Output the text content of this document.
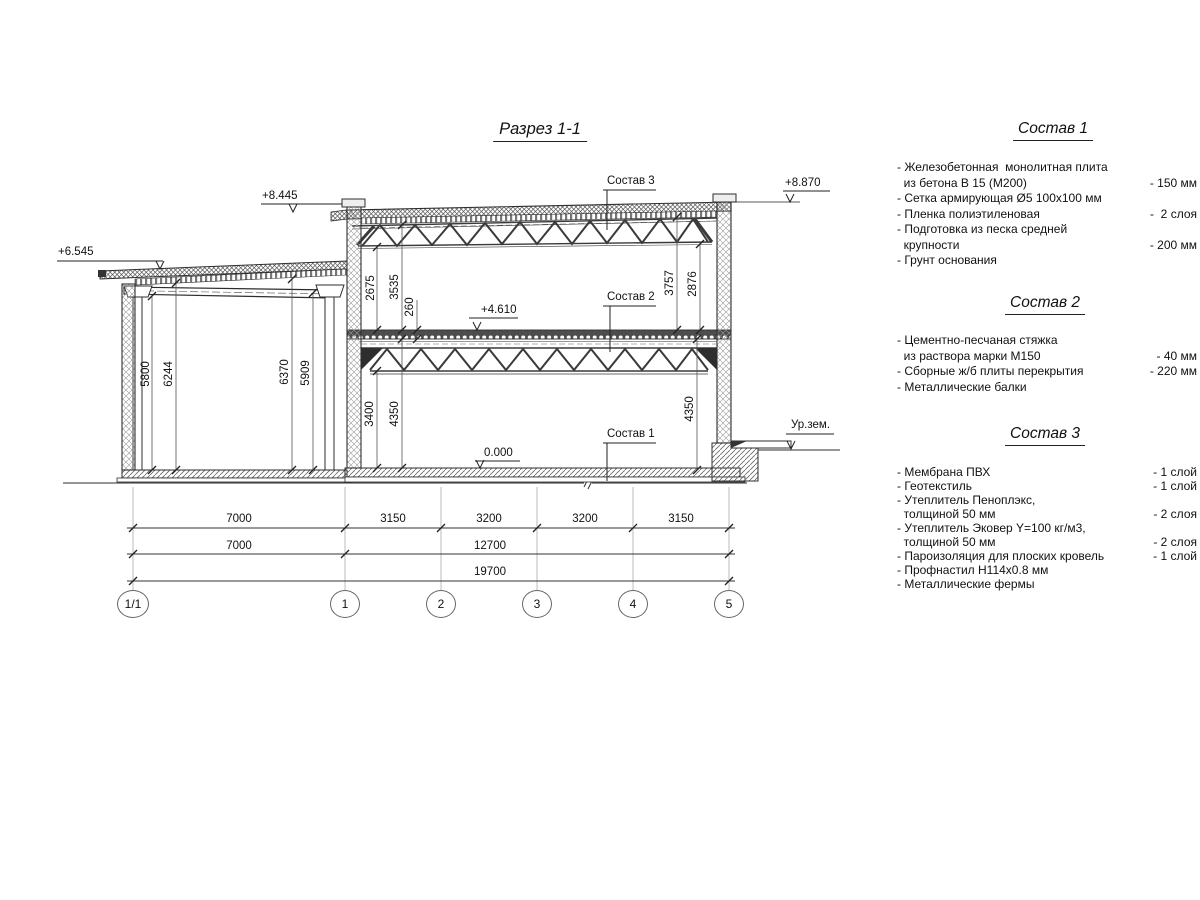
Разрез 1-1
+6.545
+8.445
+8.870
+4.610
0.000
Ур.зем.
Состав 3
Состав 2
Состав 1
5800 6244	6370 5909
2675 3535
260
3400 4350
3757 2876
4350
7000	3150	3200	3200	3150
7000	12700
19700
1/1	1	2	3	4	5
Состав 1
- Железобетонная  монолитная плита
из бетона В 15 (М200)	- 150 мм
- Сетка армирующая Ø5 100x100 мм
- Пленка полиэтиленовая	-  2 слоя
- Подготовка из песка средней
крупности	- 200 мм
- Грунт основания
Состав 2
- Цементно-песчаная стяжка
из раствора марки М150	- 40 мм
- Сборные ж/б плиты перекрытия	- 220 мм
- Металлические балки
Состав 3
- Мембрана ПВХ	- 1 слой
- Геотекстиль	- 1 слой
- Утеплитель Пеноплэкс,
толщиной 50 мм	- 2 слоя
- Утеплитель Эковер Y=100 кг/м3,
толщиной 50 мм	- 2 слоя
- Пароизоляция для плоских кровель	- 1 слой
- Профнастил Н114х0.8 мм
- Металлические фермы
